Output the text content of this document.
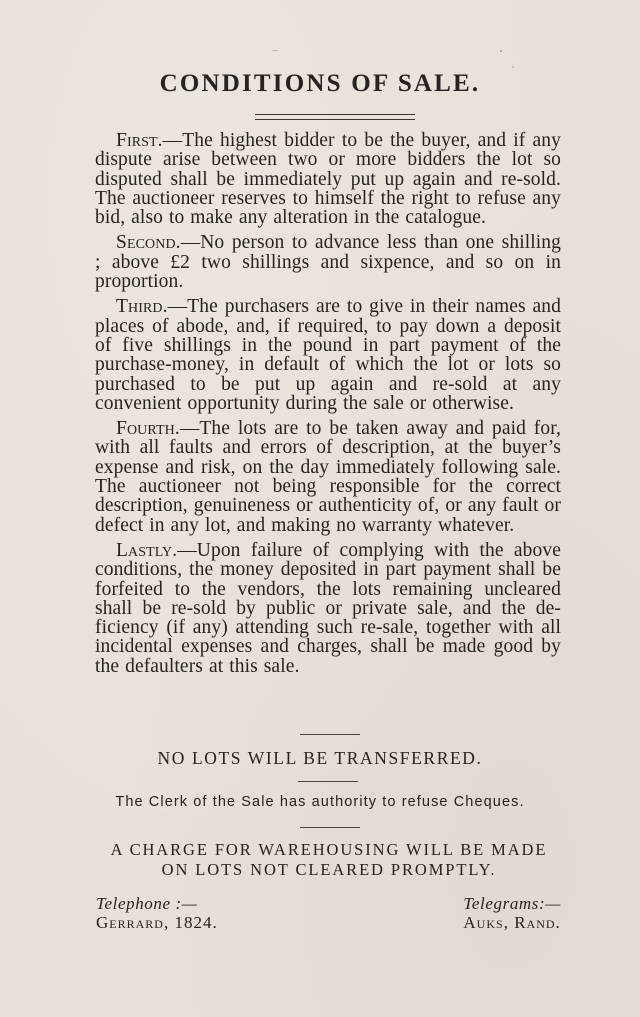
CONDITIONS OF SALE.

First.—The highest bidder to be the buyer, and if any dispute arise between two or more bidders the lot so disputed shall be immediately put up again and re-sold. The auctioneer reserves to himself the right to refuse any bid, also to make any alteration in the catalogue.

Second.—No person to advance less than one shilling ; above £2 two shillings and sixpence, and so on in proportion.

Third.—The purchasers are to give in their names and places of abode, and, if required, to pay down a deposit of five shillings in the pound in part payment of the purchase-money, in default of which the lot or lots so purchased to be put up again and re-sold at any convenient opportunity during the sale or otherwise.

Fourth.—The lots are to be taken away and paid for, with all faults and errors of description, at the buyer’s expense and risk, on the day immediately following sale. The auctioneer not being responsible for the correct description, genuineness or authenticity of, or any fault or defect in any lot, and making no warranty whatever.

Lastly.—Upon failure of complying with the above conditions, the money deposited in part payment shall be forfeited to the vendors, the lots remaining uncleared shall be re-sold by public or private sale, and the de-ficiency (if any) attending such re-sale, together with all incidental expenses and charges, shall be made good by the defaulters at this sale.

NO LOTS WILL BE TRANSFERRED.

The Clerk of the Sale has authority to refuse Cheques.

A CHARGE FOR WAREHOUSING WILL BE MADE ON LOTS NOT CLEARED PROMPTLY.

Telephone :—
Gerrard, 1824.
Telegrams:—
Auks, Rand.
